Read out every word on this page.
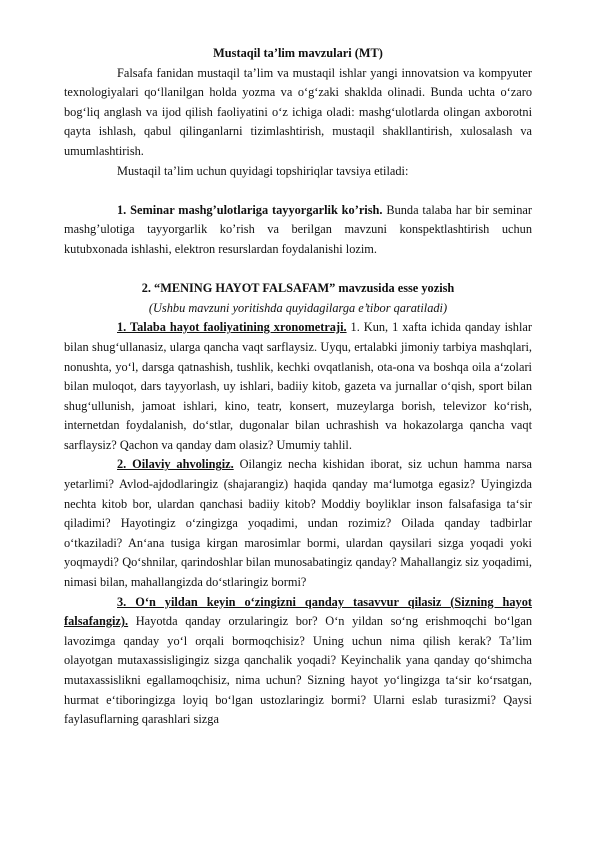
Mustaqil ta’lim mavzulari (MT)

Falsafa fanidan mustaqil ta’lim va mustaqil ishlar yangi innovatsion va kompyuter texnologiyalari qo‘llanilgan holda yozma va o‘g‘zaki shaklda olinadi. Bunda uchta o‘zaro bog‘liq anglash va ijod qilish faoliyatini o‘z ichiga oladi: mashg‘ulotlarda olingan axborotni qayta ishlash, qabul qilinganlarni tizimlashtirish, mustaqil shakllantirish, xulosalash va umumlashtirish.

Mustaqil ta’lim uchun quyidagi topshiriqlar tavsiya etiladi:

1. Seminar mashg’ulotlariga tayyorgarlik ko’rish. Bunda talaba har bir seminar mashg’ulotiga tayyorgarlik ko’rish va berilgan mavzuni konspektlashtirish uchun kutubxonada ishlashi, elektron resurslardan foydalanishi lozim.

2. “MENING HAYOT FALSAFAM” mavzusida esse yozish

(Ushbu mavzuni yoritishda quyidagilarga e’tibor qaratiladi)

1. Talaba hayot faoliyatining xronometraji. 1. Kun, 1 xafta ichida qanday ishlar bilan shug‘ullanasiz, ularga qancha vaqt sarflaysiz. Uyqu, ertalabki jimoniy tarbiya mashqlari, nonushta, yo‘l, darsga qatnashish, tushlik, kechki ovqatlanish, ota-ona va boshqa oila a‘zolari bilan muloqot, dars tayyorlash, uy ishlari, badiiy kitob, gazeta va jurnallar o‘qish, sport bilan shug‘ullunish, jamoat ishlari, kino, teatr, konsert, muzeylarga borish, televizor ko‘rish, internetdan foydalanish, do‘stlar, dugonalar bilan uchrashish va hokazolarga qancha vaqt sarflaysiz? Qachon va qanday dam olasiz? Umumiy tahlil.

2. Oilaviy ahvolingiz. Oilangiz necha kishidan iborat, siz uchun hamma narsa yetarlimi? Avlod-ajdodlaringiz (shajarangiz) haqida qanday ma‘lumotga egasiz? Uyingizda nechta kitob bor, ulardan qanchasi badiiy kitob? Moddiy boyliklar inson falsafasiga ta‘sir qiladimi? Hayotingiz o‘zingizga yoqadimi, undan rozimiz? Oilada qanday tadbirlar o‘tkaziladi? An‘ana tusiga kirgan marosimlar bormi, ulardan qaysilari sizga yoqadi yoki yoqmaydi? Qo‘shnilar, qarindoshlar bilan munosabatingiz qanday? Mahallangiz siz yoqadimi, nimasi bilan, mahallangizda do‘stlaringiz bormi?

3. O‘n yildan keyin o‘zingizni qanday tasavvur qilasiz (Sizning hayot falsafangiz). Hayotda qanday orzularingiz bor? O‘n yildan so‘ng erishmoqchi bo‘lgan lavozimga qanday yo‘l orqali bormoqchisiz? Uning uchun nima qilish kerak? Ta’lim olayotgan mutaxassisligingiz sizga qanchalik yoqadi? Keyinchalik yana qanday qo‘shimcha mutaxassislikni egallamoqchisiz, nima uchun? Sizning hayot yo‘lingizga ta‘sir ko‘rsatgan, hurmat e‘tiboringizga loyiq bo‘lgan ustozlaringiz bormi? Ularni eslab turasizmi? Qaysi faylasuflarning qarashlari sizga
